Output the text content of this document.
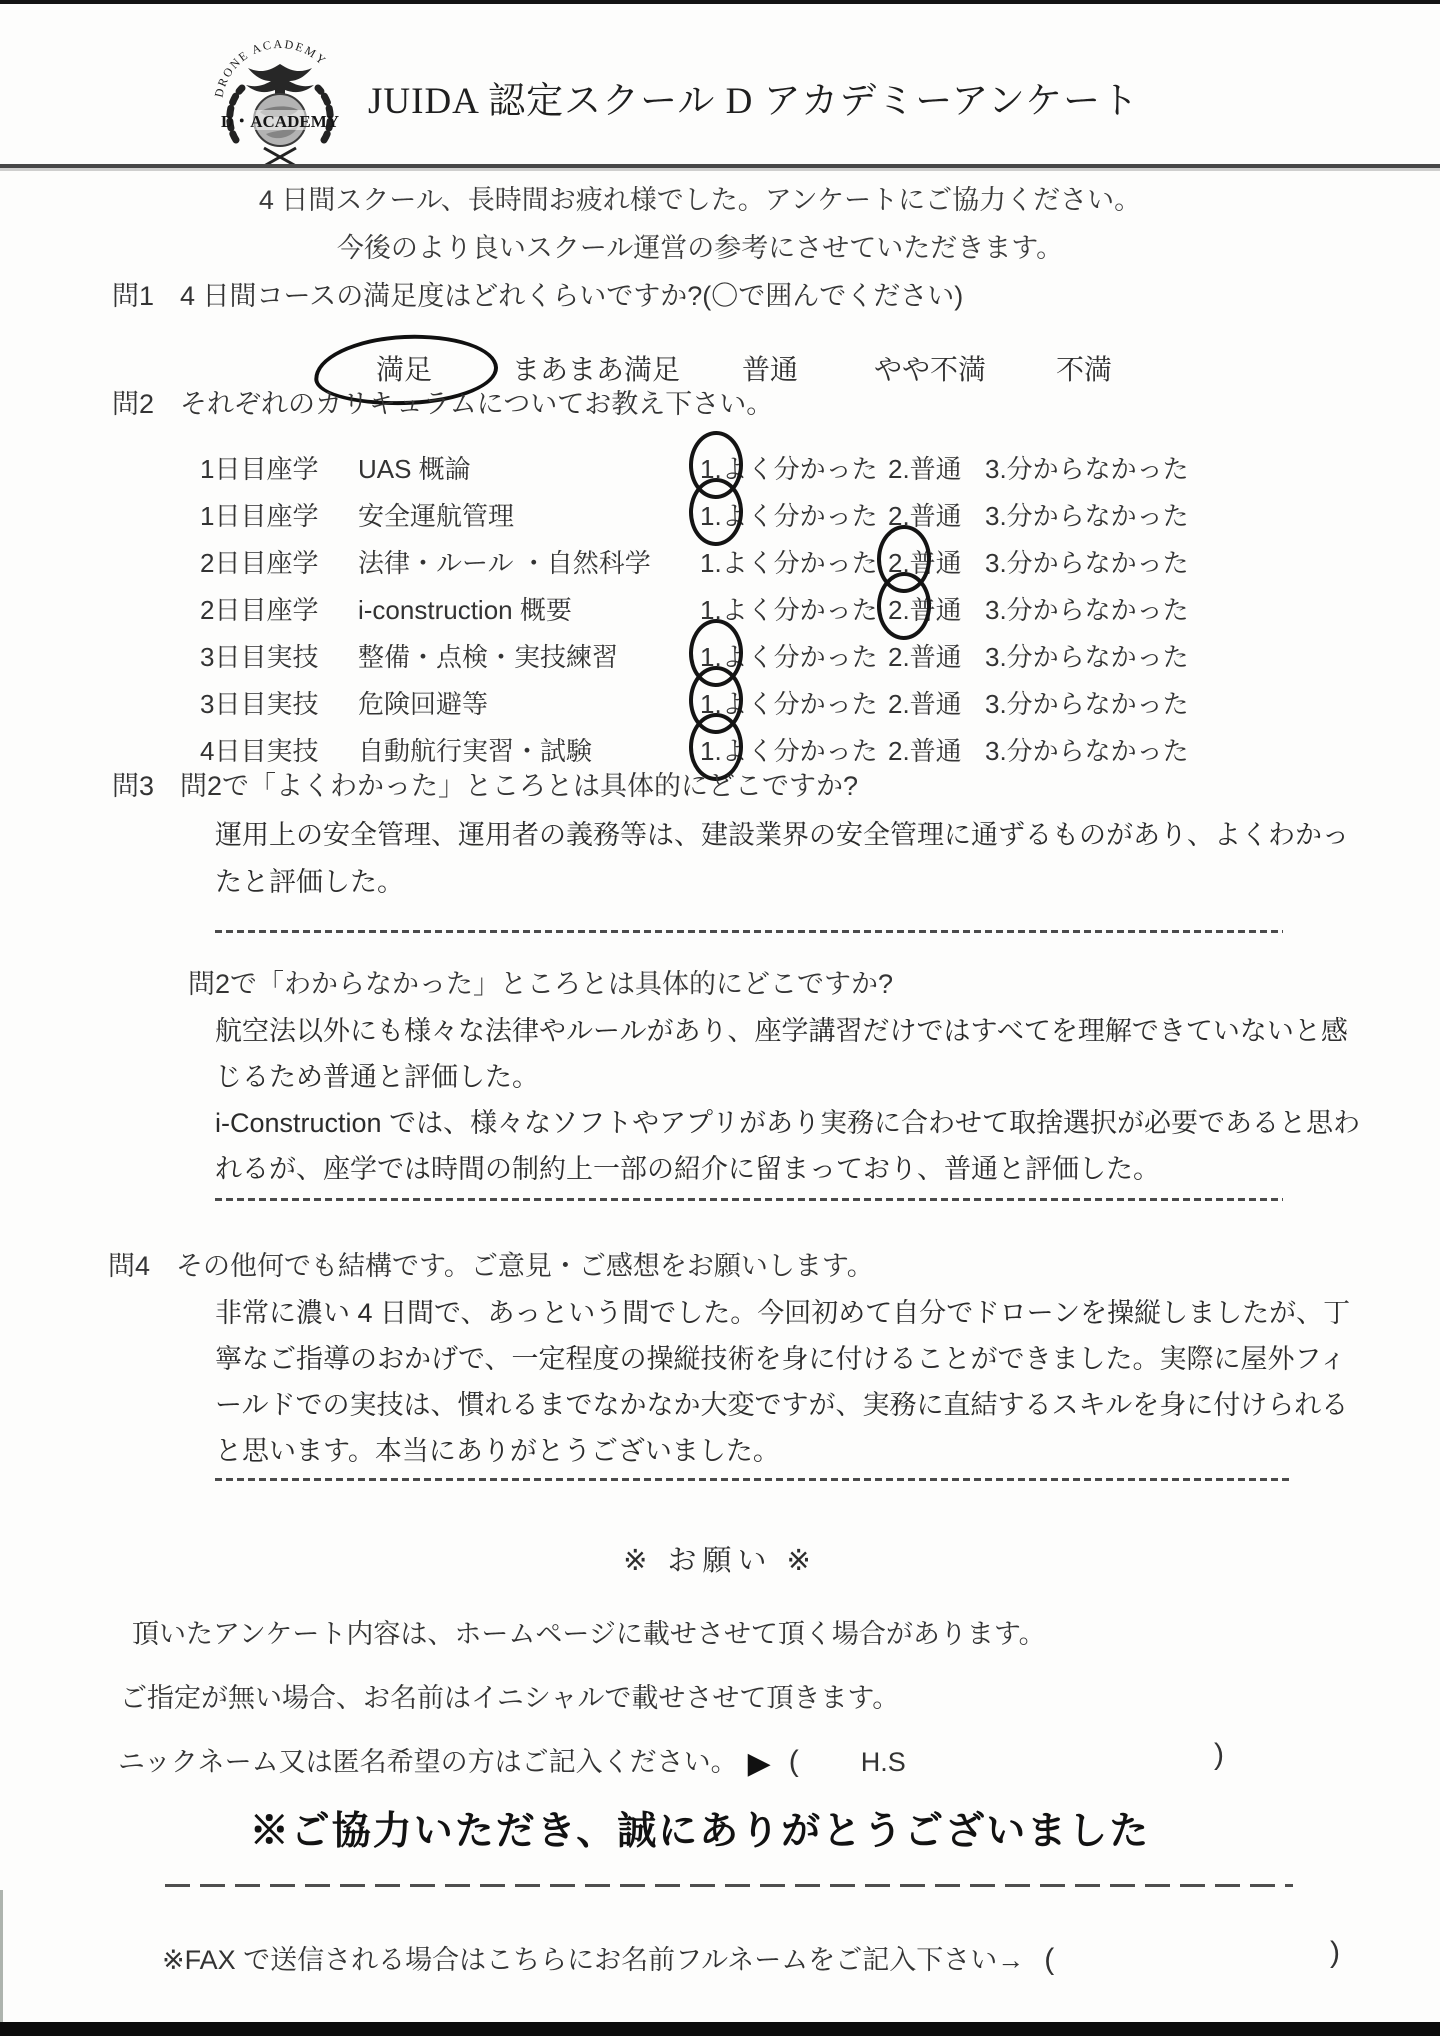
DRONE ACADEMY
D・ACADEMY JUIDA 認定スクール D アカデミーアンケート
4 日間スクール、長時間お疲れ様でした。アンケートにご協力ください。
今後のより良いスクール運営の参考にさせていただきます。
問1 4 日間コースの満足度はどれくらいですか?(〇で囲んでください)
満足	まあまあ満足 普通	やや不満 不満
問2 それぞれのカリキュラムについてお教え下さい。
1日目座学	UAS 概論	1.よく分かった 2.普通 3.分からなかった
1日目座学	安全運航管理	1.よく分かった 2.普通 3.分からなかった
2日目座学	法律・ルール ・自然科学	1.よく分かった 2.普通 3.分からなかった
2日目座学	i-construction 概要	1.よく分かった 2.普通 3.分からなかった
3日目実技	整備・点検・実技練習	1.よく分かった 2.普通 3.分からなかった
3日目実技	危険回避等	1.よく分かった 2.普通 3.分からなかった
4日目実技	自動航行実習・試験	1.よく分かった 2.普通 3.分からなかった
問3 問2で「よくわかった」ところとは具体的にどこですか?
運用上の安全管理、運用者の義務等は、建設業界の安全管理に通ずるものがあり、よくわかったと評価した。
問2で「わからなかった」ところとは具体的にどこですか?
航空法以外にも様々な法律やルールがあり、座学講習だけではすべてを理解できていないと感じるため普通と評価した。
i-Construction では、様々なソフトやアプリがあり実務に合わせて取捨選択が必要であると思われるが、座学では時間の制約上一部の紹介に留まっており、普通と評価した。
問4 その他何でも結構です。ご意見・ご感想をお願いします。
非常に濃い 4 日間で、あっという間でした。今回初めて自分でドローンを操縦しましたが、丁寧なご指導のおかげで、一定程度の操縦技術を身に付けることができました。実際に屋外フィールドでの実技は、慣れるまでなかなか大変ですが、実務に直結するスキルを身に付けられると思います。本当にありがとうございました。
※ お願い ※
頂いたアンケート内容は、ホームページに載せさせて頂く場合があります。
ご指定が無い場合、お名前はイニシャルで載せさせて頂きます。
ニックネーム又は匿名希望の方はご記入ください。 ▶ ( H.S	)
※ご協力いただき、誠にありがとうございました
※FAX で送信される場合はこちらにお名前フルネームをご記入下さい→ (	)
